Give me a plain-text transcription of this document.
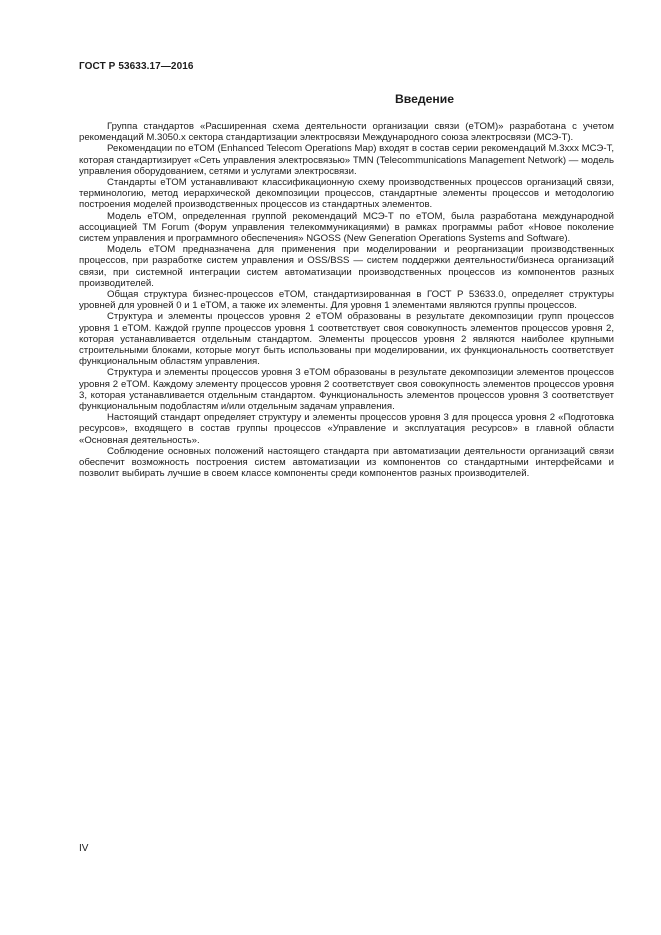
ГОСТ Р 53633.17—2016
Введение

Группа стандартов «Расширенная схема деятельности организации связи (eTOM)» разработана с учетом рекомендаций М.3050.х сектора стандартизации электросвязи Международного союза электросвязи (МСЭ-Т).

Рекомендации по eTOM (Enhanced Telecom Operations Map) входят в состав серии рекомендаций М.3xxx МСЭ-Т, которая стандартизирует «Сеть управления электросвязью» TMN (Telecommunications Management Network) — модель управления оборудованием, сетями и услугами электросвязи.

Стандарты eTOM устанавливают классификационную схему производственных процессов организаций связи, терминологию, метод иерархической декомпозиции процессов, стандартные элементы процессов и методологию построения моделей производственных процессов из стандартных элементов.

Модель eTOM, определенная группой рекомендаций МСЭ-Т по eTOM, была разработана международной ассоциацией TM Forum (Форум управления телекоммуникациями) в рамках программы работ «Новое поколение систем управления и программного обеспечения» NGOSS (New Generation Operations Systems and Software).

Модель eTOM предназначена для применения при моделировании и реорганизации производственных процессов, при разработке систем управления и OSS/BSS — систем поддержки деятельности/бизнеса организаций связи, при системной интеграции систем автоматизации производственных процессов из компонентов разных производителей.

Общая структура бизнес-процессов eTOM, стандартизированная в ГОСТ Р 53633.0, определяет структуры уровней для уровней 0 и 1 eTOM, а также их элементы. Для уровня 1 элементами являются группы процессов.

Структура и элементы процессов уровня 2 eTOM образованы в результате декомпозиции групп процессов уровня 1 eTOM. Каждой группе процессов уровня 1 соответствует своя совокупность элементов процессов уровня 2, которая устанавливается отдельным стандартом. Элементы процессов уровня 2 являются наиболее крупными строительными блоками, которые могут быть использованы при моделировании, их функциональность соответствует функциональным областям управления.

Структура и элементы процессов уровня 3 eTOM образованы в результате декомпозиции элементов процессов уровня 2 eTOM. Каждому элементу процессов уровня 2 соответствует своя совокупность элементов процессов уровня 3, которая устанавливается отдельным стандартом. Функциональность элементов процессов уровня 3 соответствует функциональным подобластям и/или отдельным задачам управления.

Настоящий стандарт определяет структуру и элементы процессов уровня 3 для процесса уровня 2 «Подготовка ресурсов», входящего в состав группы процессов «Управление и эксплуатация ресурсов» в главной области «Основная деятельность».

Соблюдение основных положений настоящего стандарта при автоматизации деятельности организаций связи обеспечит возможность построения систем автоматизации из компонентов со стандартными интерфейсами и позволит выбирать лучшие в своем классе компоненты среди компонентов разных производителей.

IV
